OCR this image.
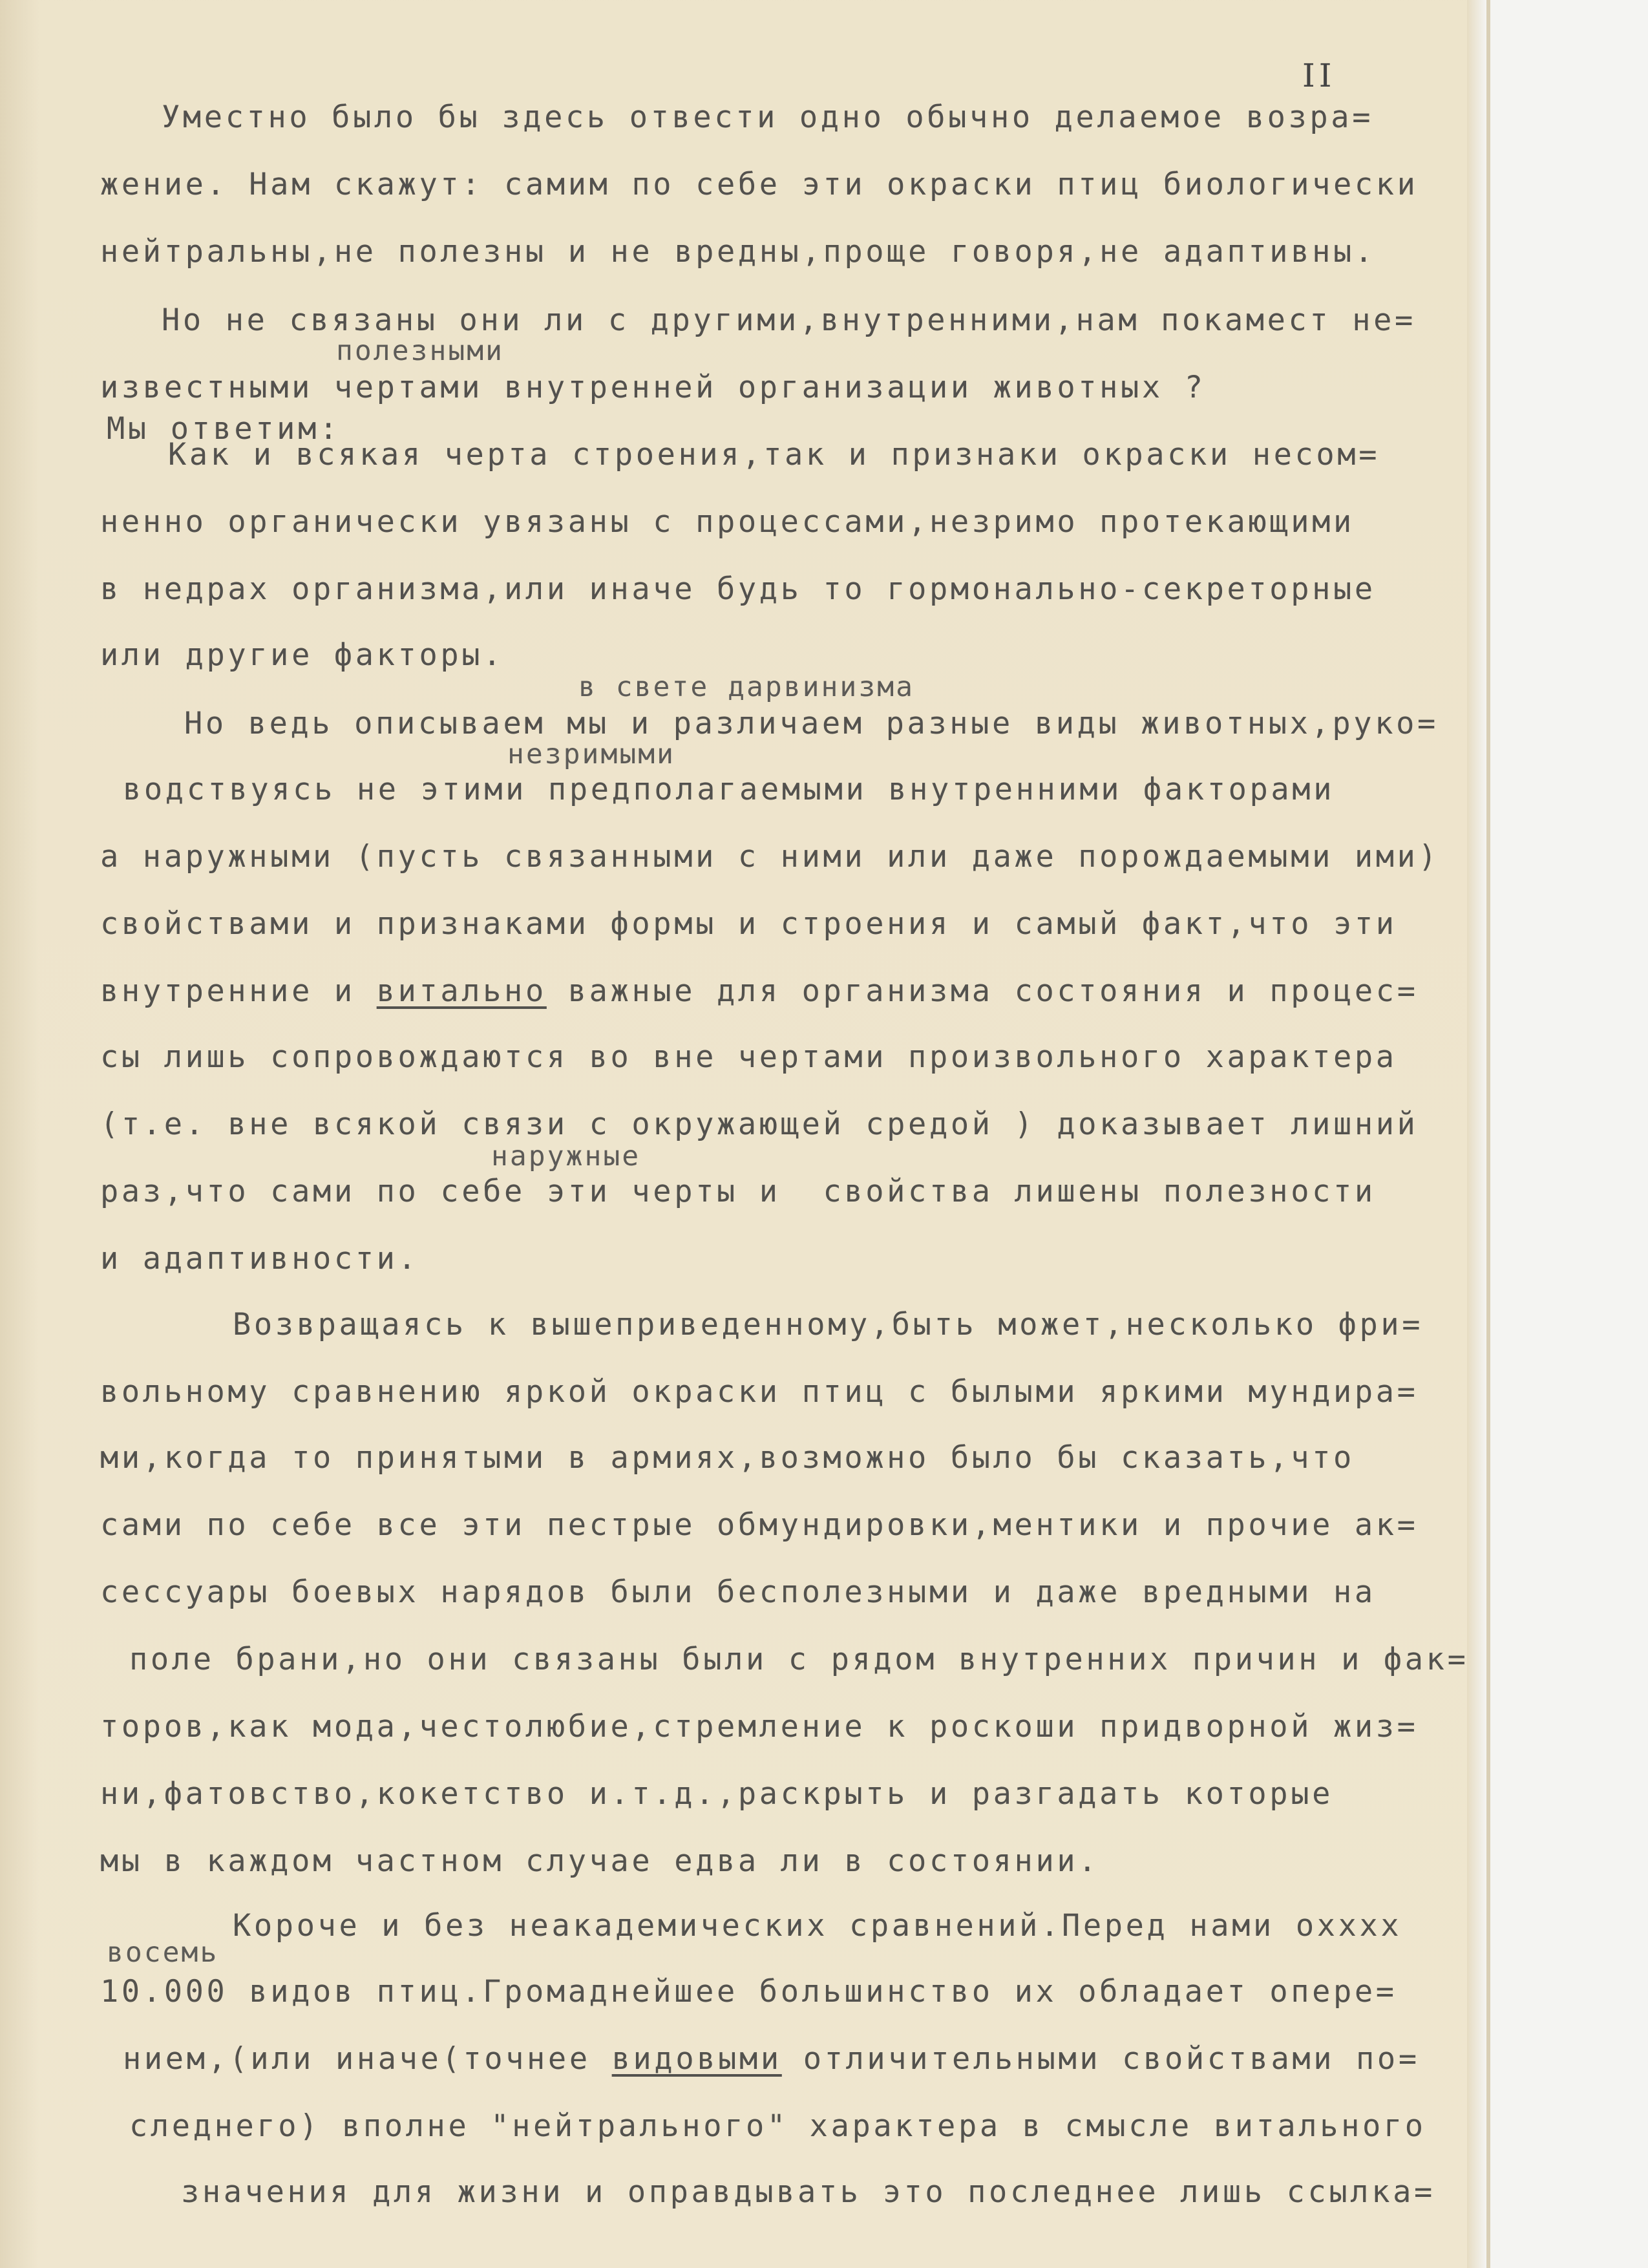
II
Уместно было бы здесь отвести одно обычно делаемое возра=
жение. Нам скажут: самим по себе эти окраски птиц биологически
нейтральны,не полезны и не вредны,проще говоря,не адаптивны.
Но не связаны они ли с другими,внутренними,нам покамест не=
полезными
известными чертами внутренней организации животных ?
Мы ответим:
Как и всякая черта строения,так и признаки окраски несом=
ненно органически увязаны с процессами,незримо протекающими
в недрах организма,или иначе будь то гормонально-секреторные
или другие факторы.
в свете дарвинизма
Но ведь описываем мы и различаем разные виды животных,руко=
незримыми
водствуясь не этими предполагаемыми внутренними факторами
а наружными (пусть связанными с ними или даже порождаемыми ими)
свойствами и признаками формы и строения и самый факт,что эти
внутренние и витально важные для организма состояния и процес=
сы лишь сопровождаются во вне чертами произвольного характера
(т.е. вне всякой связи с окружающей средой ) доказывает лишний
наружные
раз,что сами по себе эти черты и  свойства лишены полезности
и адаптивности.
Возвращаясь к вышеприведенному,быть может,несколько фри=
вольному сравнению яркой окраски птиц с былыми яркими мундира=
ми,когда то принятыми в армиях,возможно было бы сказать,что
сами по себе все эти пестрые обмундировки,ментики и прочие ак=
сессуары боевых нарядов были бесполезными и даже вредными на
поле брани,но они связаны были с рядом внутренних причин и фак=
торов,как мода,честолюбие,стремление к роскоши придворной жиз=
ни,фатовство,кокетство и.т.д.,раскрыть и разгадать которые
мы в каждом частном случае едва ли в состоянии.
Короче и без неакадемических сравнений.Перед нами оxxxx
восемь
10.000 видов птиц.Громаднейшее большинство их обладает опере=
нием,(или иначе(точнее видовыми отличительными свойствами по=
следнего) вполне "нейтрального" характера в смысле витального
значения для жизни и оправдывать это последнее лишь ссылка=
